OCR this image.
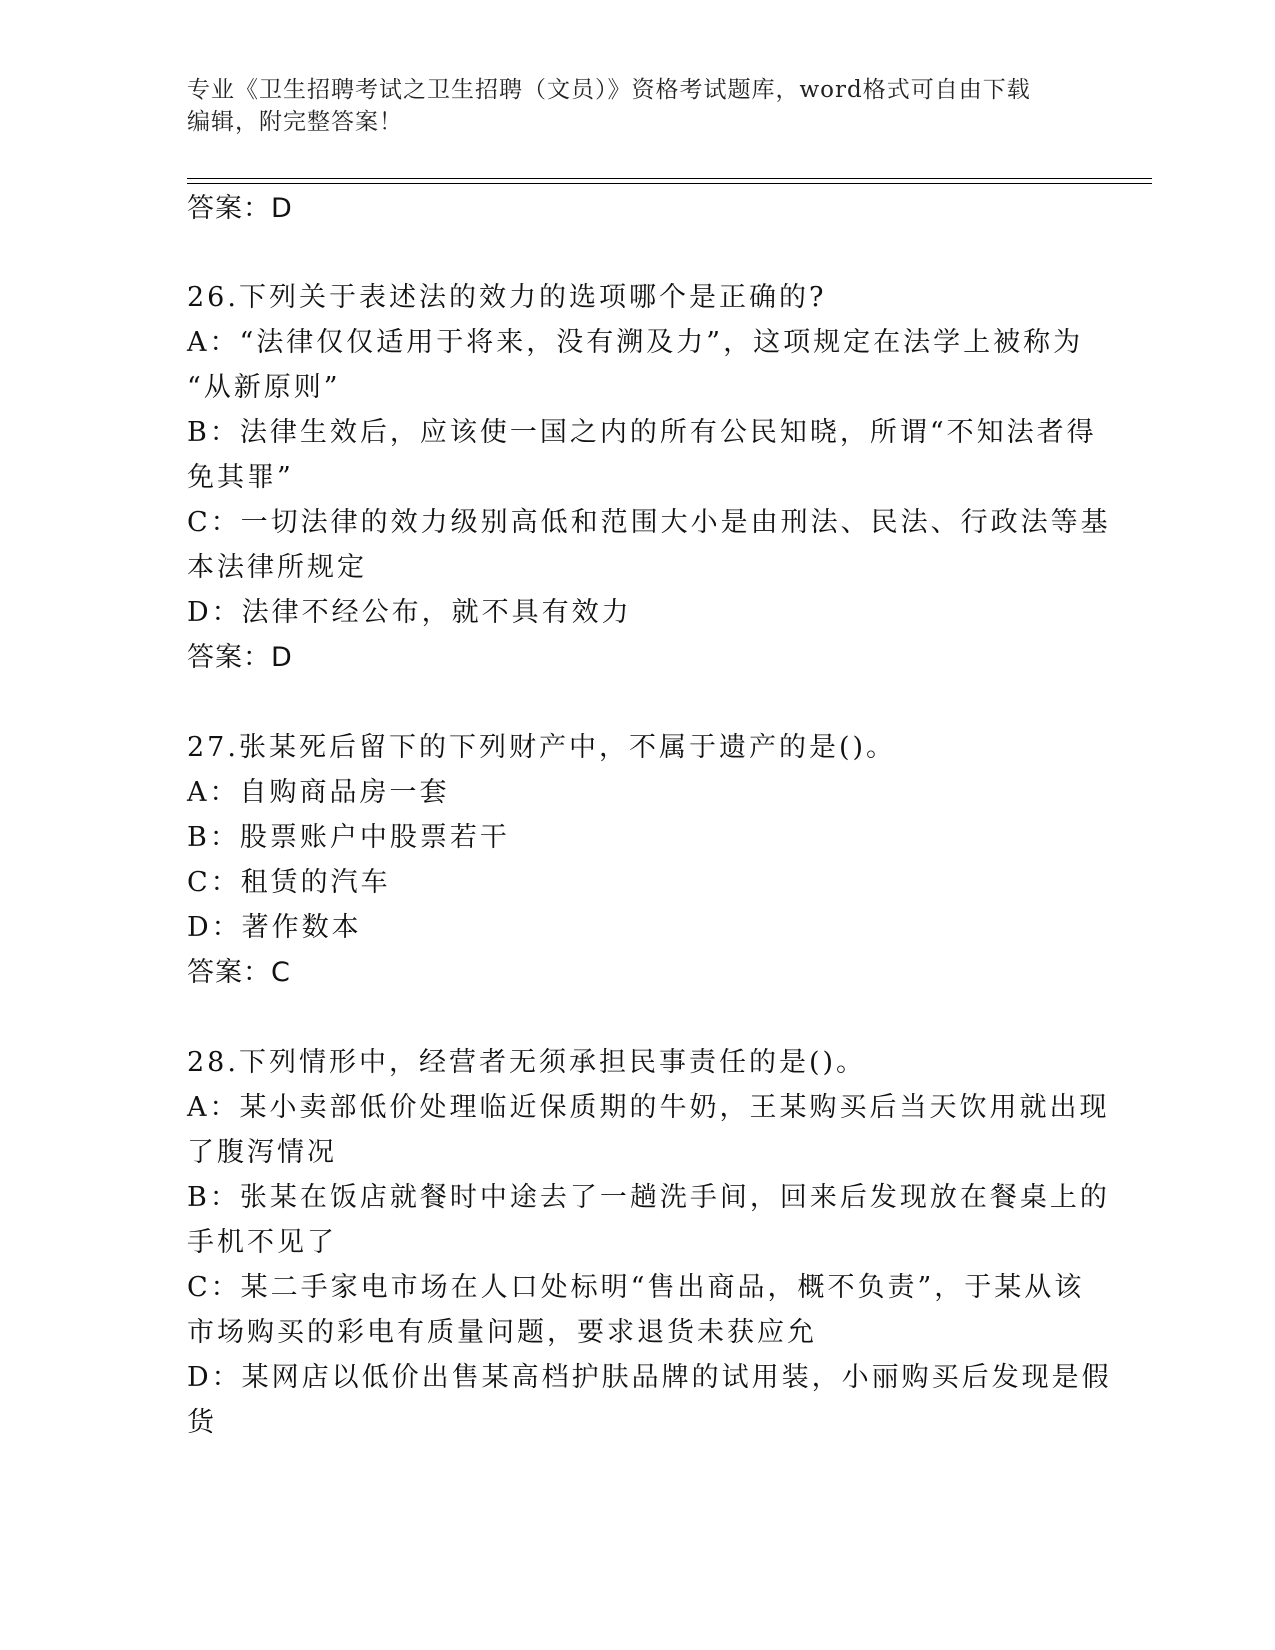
专业《卫生招聘考试之卫生招聘（文员）》资格考试题库，word格式可自由下载
编辑，附完整答案！
答案：D
26.下列关于表述法的效力的选项哪个是正确的?
A：“法律仅仅适用于将来，没有溯及力”，这项规定在法学上被称为
“从新原则”
B：法律生效后，应该使一国之内的所有公民知晓，所谓“不知法者得
免其罪”
C：一切法律的效力级别高低和范围大小是由刑法、民法、行政法等基
本法律所规定
D：法律不经公布，就不具有效力
答案：D
27.张某死后留下的下列财产中，不属于遗产的是()。
A：自购商品房一套
B：股票账户中股票若干
C：租赁的汽车
D：著作数本
答案：C
28.下列情形中，经营者无须承担民事责任的是()。
A：某小卖部低价处理临近保质期的牛奶，王某购买后当天饮用就出现
了腹泻情况
B：张某在饭店就餐时中途去了一趟洗手间，回来后发现放在餐桌上的
手机不见了
C：某二手家电市场在人口处标明“售出商品，概不负责”，于某从该
市场购买的彩电有质量问题，要求退货未获应允
D：某网店以低价出售某高档护肤品牌的试用装，小丽购买后发现是假
货
